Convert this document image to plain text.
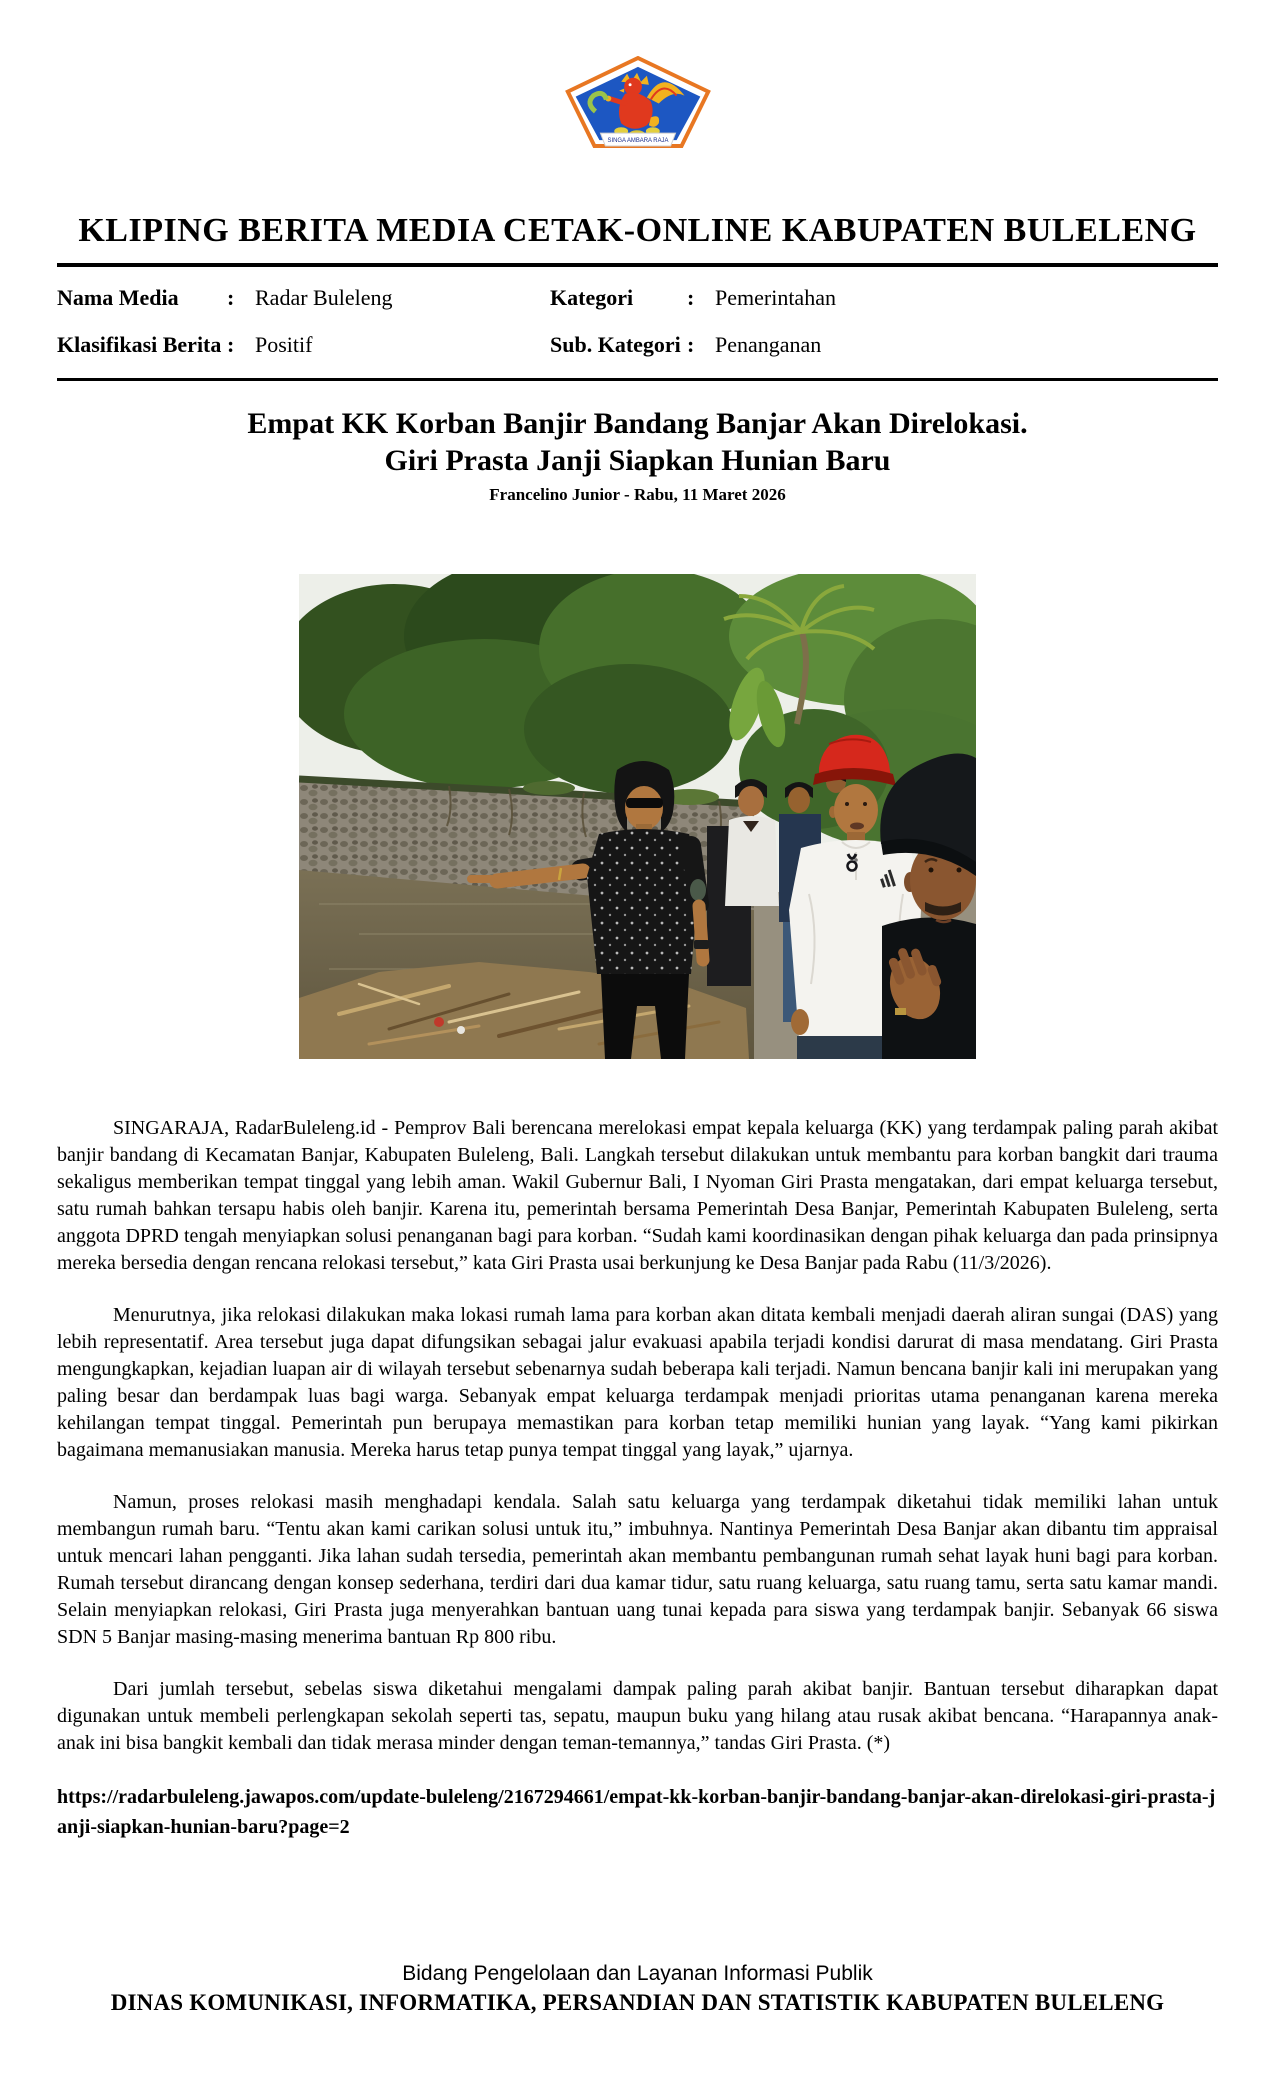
SINGA AMBARA RAJA
KLIPING BERITA MEDIA CETAK-ONLINE KABUPATEN BULELENG
Nama Media	: Radar Buleleng	Kategori	: Pemerintahan
Klasifikasi Berita : Positif	Sub. Kategori : Penanganan
Empat KK Korban Banjir Bandang Banjar Akan Direlokasi.
Giri Prasta Janji Siapkan Hunian Baru
Francelino Junior - Rabu, 11 Maret 2026

SINGARAJA, RadarBuleleng.id - Pemprov Bali berencana merelokasi empat kepala keluarga (KK) yang terdampak paling parah akibat banjir bandang di Kecamatan Banjar, Kabupaten Buleleng, Bali. Langkah tersebut dilakukan untuk membantu para korban bangkit dari trauma sekaligus memberikan tempat tinggal yang lebih aman. Wakil Gubernur Bali, I Nyoman Giri Prasta mengatakan, dari empat keluarga tersebut, satu rumah bahkan tersapu habis oleh banjir. Karena itu, pemerintah bersama Pemerintah Desa Banjar, Pemerintah Kabupaten Buleleng, serta anggota DPRD tengah menyiapkan solusi penanganan bagi para korban. “Sudah kami koordinasikan dengan pihak keluarga dan pada prinsipnya mereka bersedia dengan rencana relokasi tersebut,” kata Giri Prasta usai berkunjung ke Desa Banjar pada Rabu (11/3/2026).

Menurutnya, jika relokasi dilakukan maka lokasi rumah lama para korban akan ditata kembali menjadi daerah aliran sungai (DAS) yang lebih representatif. Area tersebut juga dapat difungsikan sebagai jalur evakuasi apabila terjadi kondisi darurat di masa mendatang. Giri Prasta mengungkapkan, kejadian luapan air di wilayah tersebut sebenarnya sudah beberapa kali terjadi. Namun bencana banjir kali ini merupakan yang paling besar dan berdampak luas bagi warga. Sebanyak empat keluarga terdampak menjadi prioritas utama penanganan karena mereka kehilangan tempat tinggal. Pemerintah pun berupaya memastikan para korban tetap memiliki hunian yang layak. “Yang kami pikirkan bagaimana memanusiakan manusia. Mereka harus tetap punya tempat tinggal yang layak,” ujarnya.

Namun, proses relokasi masih menghadapi kendala. Salah satu keluarga yang terdampak diketahui tidak memiliki lahan untuk membangun rumah baru. “Tentu akan kami carikan solusi untuk itu,” imbuhnya. Nantinya Pemerintah Desa Banjar akan dibantu tim appraisal untuk mencari lahan pengganti. Jika lahan sudah tersedia, pemerintah akan membantu pembangunan rumah sehat layak huni bagi para korban. Rumah tersebut dirancang dengan konsep sederhana, terdiri dari dua kamar tidur, satu ruang keluarga, satu ruang tamu, serta satu kamar mandi. Selain menyiapkan relokasi, Giri Prasta juga menyerahkan bantuan uang tunai kepada para siswa yang terdampak banjir. Sebanyak 66 siswa SDN 5 Banjar masing-masing menerima bantuan Rp 800 ribu.

Dari jumlah tersebut, sebelas siswa diketahui mengalami dampak paling parah akibat banjir. Bantuan tersebut diharapkan dapat digunakan untuk membeli perlengkapan sekolah seperti tas, sepatu, maupun buku yang hilang atau rusak akibat bencana. “Harapannya anak-anak ini bisa bangkit kembali dan tidak merasa minder dengan teman-temannya,” tandas Giri Prasta. (*)

https://radarbuleleng.jawapos.com/update-buleleng/2167294661/empat-kk-korban-banjir-bandang-banjar-akan-direlokasi-giri-prasta-janji-siapkan-hunian-baru?page=2

Bidang Pengelolaan dan Layanan Informasi Publik
DINAS KOMUNIKASI, INFORMATIKA, PERSANDIAN DAN STATISTIK KABUPATEN BULELENG
